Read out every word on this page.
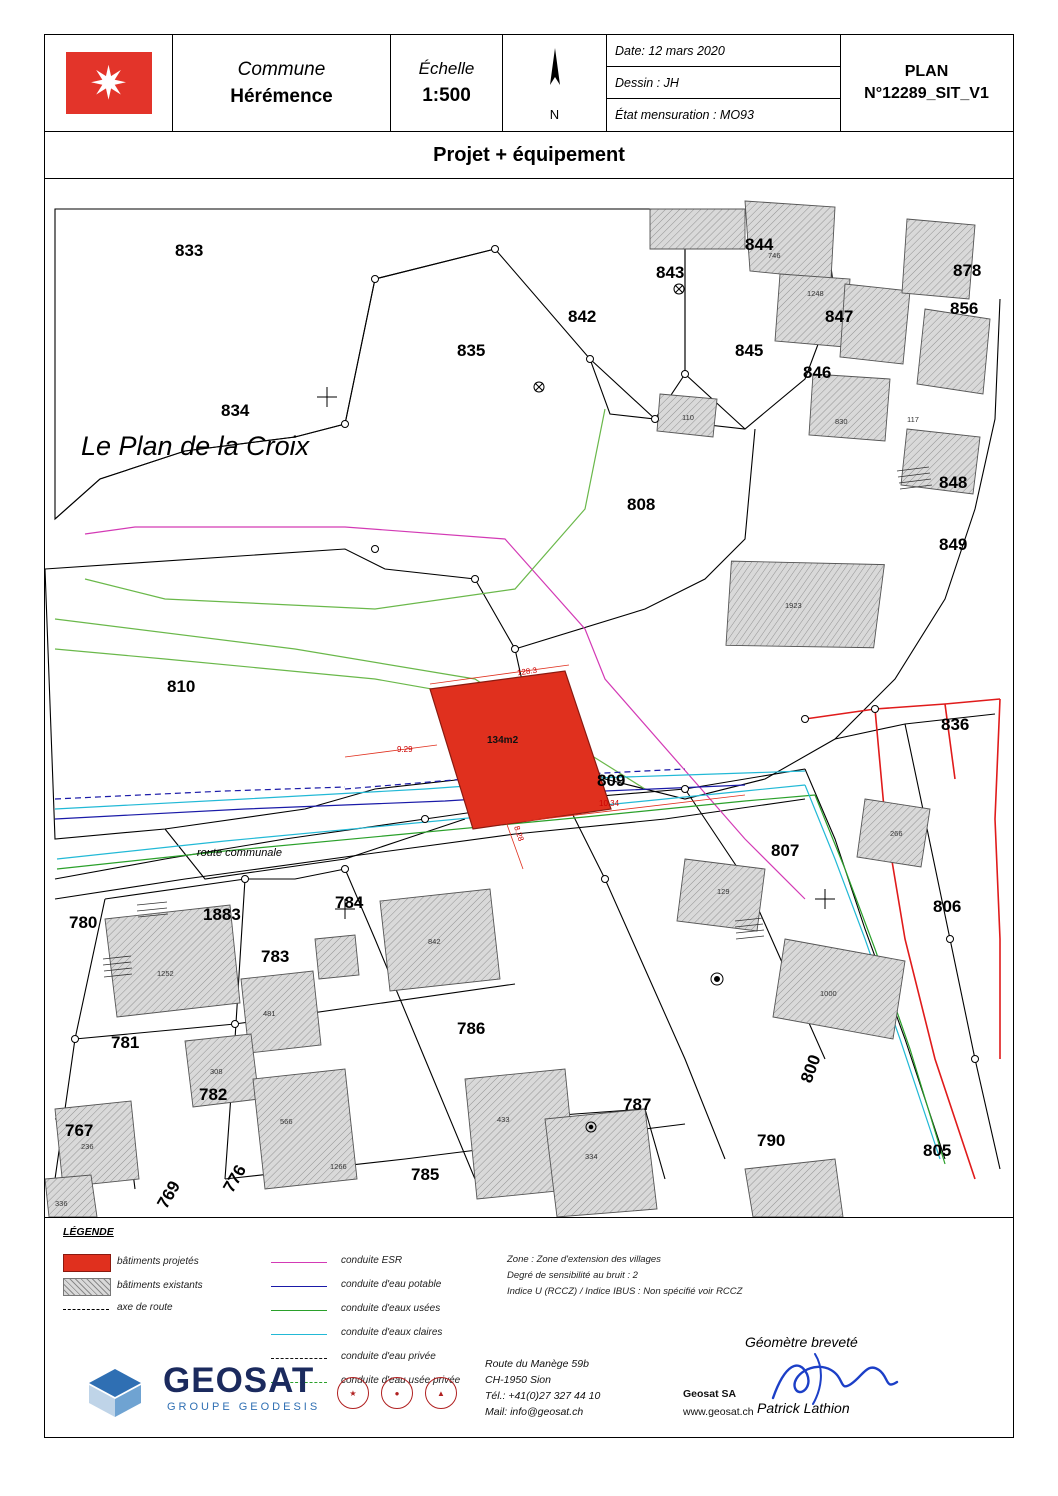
✷	Commune
Hérémence
Échelle
1:500
N
Date: 12 mars 2020
Dessin : JH
État mensuration : MO93
PLAN
N°12289_SIT_V1
Projet + équipement
833
835
842
843
844
878
856
847
845
846
834
848
849
808
810
836
809
807
806
784
780	1883
783
781
786
782
787
800
790
805
767
785
776
769
1248
746
117
830
110
1923
266
129
1000
1252
481
842
308
566
1266
433
334
236
336
Le Plan de la Croix
route communale
134m2
128.3
9.29
10.34
8.28
LÉGENDE
bâtiments projetés
bâtiments existants
axe de route
conduite ESR
conduite d'eau potable
conduite d'eaux usées
conduite d'eaux claires
conduite d'eau privée
conduite d'eau usée privée
Zone : Zone d'extension des villages
Degré de sensibilité au bruit : 2
Indice U (RCCZ) / Indice IBUS : Non spécifié voir RCCZ
Géomètre breveté
Patrick Lathion
GEOSAT
GROUPE GEODESIS
★	●	▲
Route du Manège 59b
CH-1950 Sion
Tél.: +41(0)27 327 44 10
Mail: info@geosat.ch
Geosat SA
www.geosat.ch
